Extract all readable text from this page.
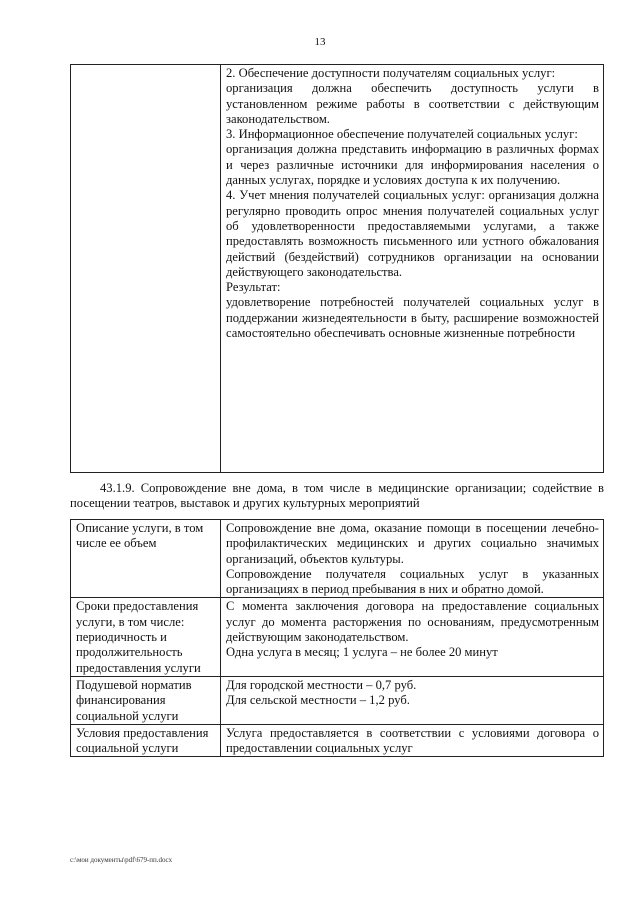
13

2. Обеспечение доступности получателям социальных услуг:
организация должна обеспечить доступность услуги в установленном режиме работы в соответствии с действующим законодательством.
3. Информационное обеспечение получателей социальных услуг:
организация должна представить информацию в различных формах и через различные источники для информирования населения о данных услугах, порядке и условиях доступа к их получению.
4. Учет мнения получателей социальных услуг: организация должна регулярно проводить опрос мнения получателей социальных услуг об удовлетворенности предоставляемыми услугами, а также предоставлять возможность письменного или устного обжалования действий (бездействий) сотрудников организации на основании действующего законодательства.
Результат:
удовлетворение потребностей получателей социальных услуг в поддержании жизнедеятельности в быту, расширение возможностей самостоятельно обеспечивать основные жизненные потребности
43.1.9. Сопровождение вне дома, в том числе в медицинские организации; содействие в посещении театров, выставок и других культурных мероприятий
Описание услуги, в том числе ее объем	Сопровождение вне дома, оказание помощи в посещении лечебно-профилактических медицинских и других социально значимых организаций, объектов культуры.
Сопровождение получателя социальных услуг в указанных организациях в период пребывания в них и обратно домой.

Сроки предоставления услуги, в том числе: периодичность и продолжительность предоставления услуги	С момента заключения договора на предоставление социальных услуг до момента расторжения по основаниям, предусмотренным действующим законодательством.
Одна услуга в месяц; 1 услуга – не более 20 минут

Подушевой норматив финансирования социальной услуги	Для городской местности – 0,7 руб.
Для сельской местности – 1,2 руб.

Условия предоставления социальной услуги	Услуга предоставляется в соответствии с условиями договора о предоставлении социальных услуг
c:\мои документы\pdf\679-пп.docx
